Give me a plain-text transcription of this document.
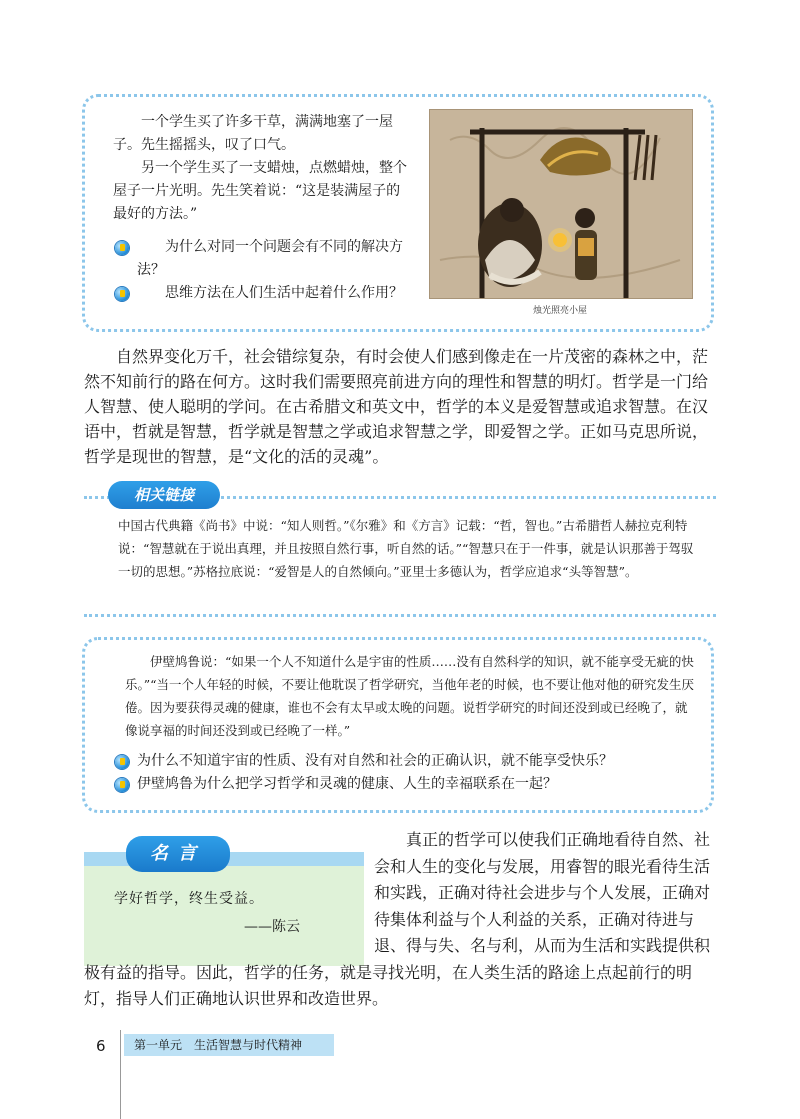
一个学生买了许多干草，满满地塞了一屋子。先生摇摇头，叹了口气。

另一个学生买了一支蜡烛，点燃蜡烛，整个屋子一片光明。先生笑着说：“这是装满屋子的最好的方法。”

为什么对同一个问题会有不同的解决方法？

思维方法在人们生活中起着什么作用？

烛光照亮小屋

自然界变化万千，社会错综复杂，有时会使人们感到像走在一片茂密的森林之中，茫然不知前行的路在何方。这时我们需要照亮前进方向的理性和智慧的明灯。哲学是一门给人智慧、使人聪明的学问。在古希腊文和英文中，哲学的本义是爱智慧或追求智慧。在汉语中，哲就是智慧，哲学就是智慧之学或追求智慧之学，即爱智之学。正如马克思所说，哲学是现世的智慧，是“文化的活的灵魂”。

相关链接

中国古代典籍《尚书》中说：“知人则哲。”《尔雅》和《方言》记载：“哲，智也。”古希腊哲人赫拉克利特说：“智慧就在于说出真理，并且按照自然行事，听自然的话。”“智慧只在于一件事，就是认识那善于驾驭一切的思想。”苏格拉底说：“爱智是人的自然倾向。”亚里士多德认为，哲学应追求“头等智慧”。

伊壁鸠鲁说：“如果一个人不知道什么是宇宙的性质……没有自然科学的知识，就不能享受无疵的快乐。”“当一个人年轻的时候，不要让他耽误了哲学研究，当他年老的时候，也不要让他对他的研究发生厌倦。因为要获得灵魂的健康，谁也不会有太早或太晚的问题。说哲学研究的时间还没到或已经晚了，就像说享福的时间还没到或已经晚了一样。”

为什么不知道宇宙的性质、没有对自然和社会的正确认识，就不能享受快乐？

伊壁鸠鲁为什么把学习哲学和灵魂的健康、人生的幸福联系在一起？

名言
学好哲学，终生受益。
——陈云

真正的哲学可以使我们正确地看待自然、社会和人生的变化与发展，用睿智的眼光看待生活和实践，正确对待社会进步与个人发展，正确对待集体利益与个人利益的关系，正确对待进与退、得与失、名与利，从而为生活和实践提供积极有益的指导。因此，哲学的任务，就是寻找光明，在人类生活的路途上点起前行的明灯，指导人们正确地认识世界和改造世界。

6	第一单元　生活智慧与时代精神
